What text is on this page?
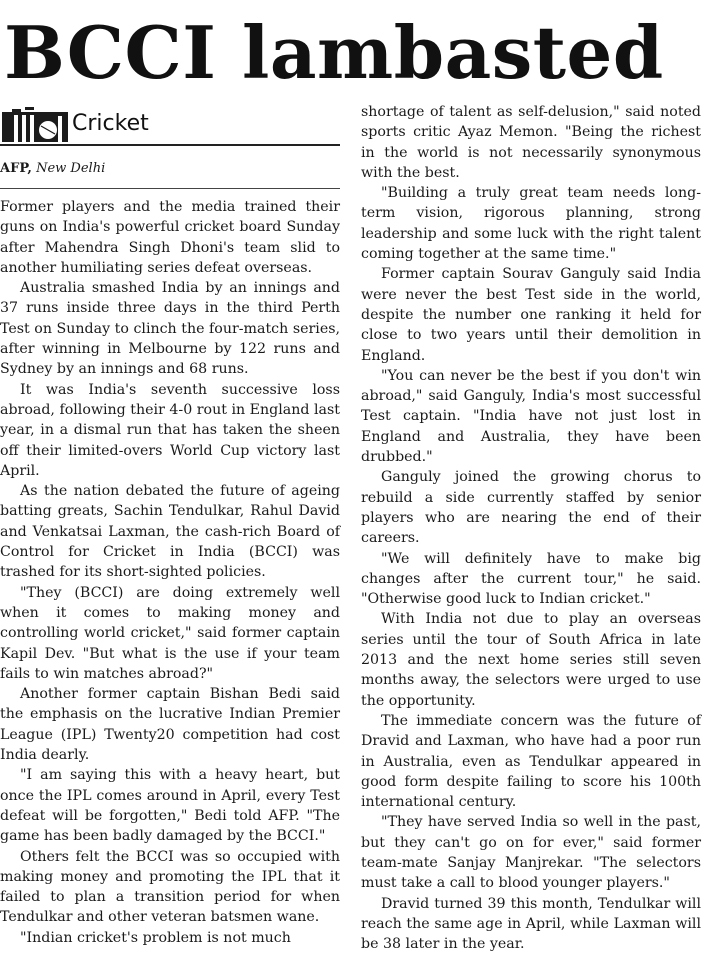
BCCI lambasted
Cricket
AFP, New Delhi

Former players and the media trained their guns on India's powerful cricket board Sunday after Mahendra Singh Dhoni's team slid to another humiliating series defeat overseas.

Australia smashed India by an innings and 37 runs inside three days in the third Perth Test on Sunday to clinch the four-match series, after winning in Melbourne by 122 runs and Sydney by an innings and 68 runs.

It was India's seventh successive loss abroad, following their 4-0 rout in England last year, in a dismal run that has taken the sheen off their limited-overs World Cup victory last April.

As the nation debated the future of ageing batting greats, Sachin Tendulkar, Rahul David and Venkatsai Laxman, the cash-rich Board of Control for Cricket in India (BCCI) was trashed for its short-sighted policies.

"They (BCCI) are doing extremely well when it comes to making money and controlling world cricket," said former captain Kapil Dev. "But what is the use if your team fails to win matches abroad?"

Another former captain Bishan Bedi said the emphasis on the lucrative Indian Premier League (IPL) Twenty20 competition had cost India dearly.

"I am saying this with a heavy heart, but once the IPL comes around in April, every Test defeat will be forgotten," Bedi told AFP. "The game has been badly damaged by the BCCI."

Others felt the BCCI was so occupied with making money and promoting the IPL that it failed to plan a transition period for when Tendulkar and other veteran batsmen wane.

"Indian cricket's problem is not much

shortage of talent as self-delusion," said noted sports critic Ayaz Memon. "Being the richest in the world is not necessarily synonymous with the best.

"Building a truly great team needs long-term vision, rigorous planning, strong leadership and some luck with the right talent coming together at the same time."

Former captain Sourav Ganguly said India were never the best Test side in the world, despite the number one ranking it held for close to two years until their demolition in England.

"You can never be the best if you don't win abroad," said Ganguly, India's most successful Test captain. "India have not just lost in England and Australia, they have been drubbed."

Ganguly joined the growing chorus to rebuild a side currently staffed by senior players who are nearing the end of their careers.

"We will definitely have to make big changes after the current tour," he said. "Otherwise good luck to Indian cricket."

With India not due to play an overseas series until the tour of South Africa in late 2013 and the next home series still seven months away, the selectors were urged to use the opportunity.

The immediate concern was the future of Dravid and Laxman, who have had a poor run in Australia, even as Tendulkar appeared in good form despite failing to score his 100th international century.

"They have served India so well in the past, but they can't go on for ever," said former team-mate Sanjay Manjrekar. "The selectors must take a call to blood younger players."

Dravid turned 39 this month, Tendulkar will reach the same age in April, while Laxman will be 38 later in the year.
